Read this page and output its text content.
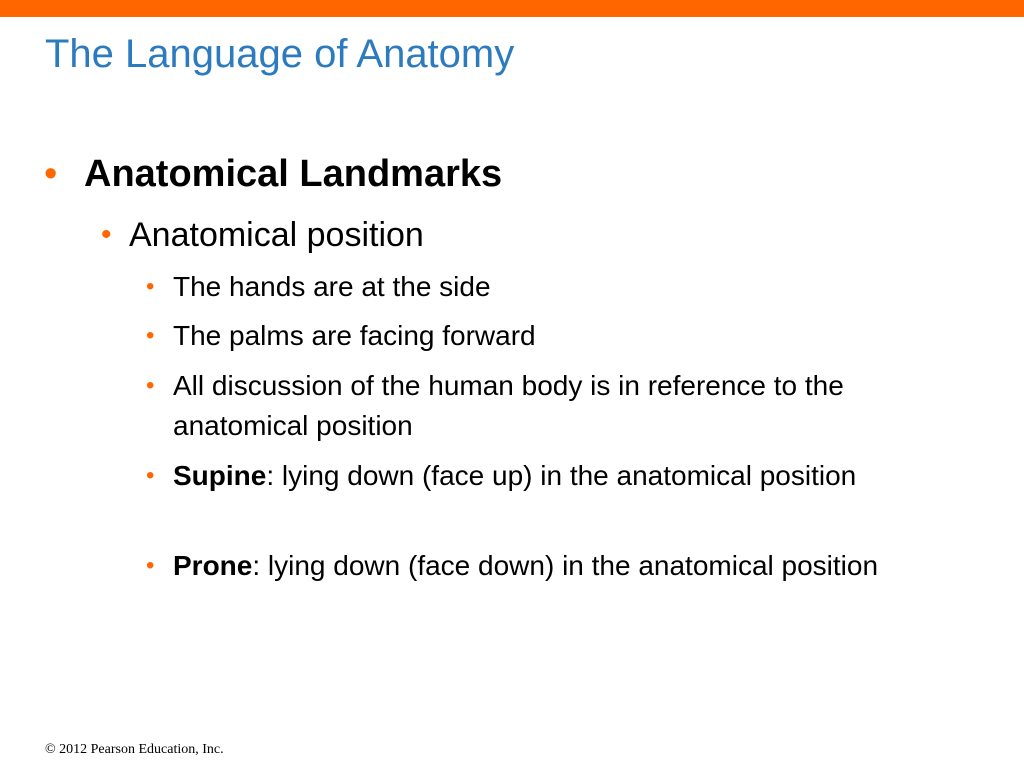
The Language of Anatomy
• Anatomical Landmarks
• Anatomical position
• The hands are at the side
• The palms are facing forward
• All discussion of the human body is in reference to the anatomical position
• Supine: lying down (face up) in the anatomical position
• Prone: lying down (face down) in the anatomical position
© 2012 Pearson Education, Inc.
